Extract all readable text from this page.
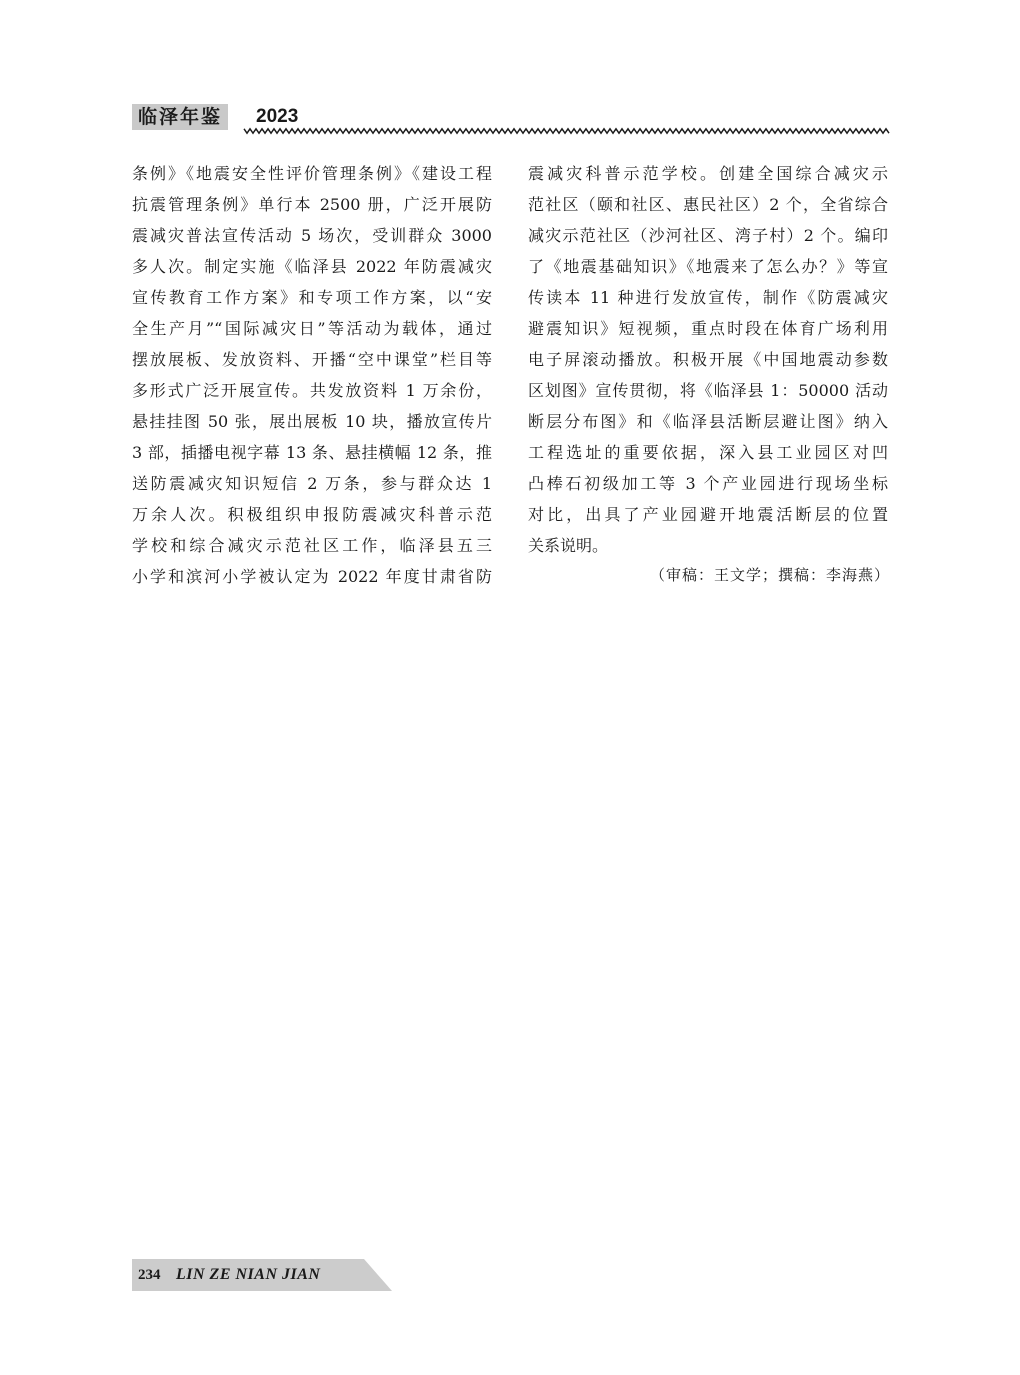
临泽年鉴	2023

条例》《地震安全性评价管理条例》《建设工程
抗震管理条例》单行本 2500 册，广泛开展防
震减灾普法宣传活动 5 场次，受训群众 3000
多人次。制定实施《临泽县 2022 年防震减灾
宣传教育工作方案》和专项工作方案，以“安
全生产月”“国际减灾日”等活动为载体，通过
摆放展板、发放资料、开播“空中课堂”栏目等
多形式广泛开展宣传。共发放资料 1 万余份，
悬挂挂图 50 张，展出展板 10 块，播放宣传片
3 部，插播电视字幕 13 条、悬挂横幅 12 条，推
送防震减灾知识短信 2 万条，参与群众达 1
万余人次。积极组织申报防震减灾科普示范
学校和综合减灾示范社区工作，临泽县五三
小学和滨河小学被认定为 2022 年度甘肃省防

震减灾科普示范学校。创建全国综合减灾示
范社区（颐和社区、惠民社区）2 个，全省综合
减灾示范社区（沙河社区、湾子村）2 个。编印
了《地震基础知识》《地震来了怎么办？》等宣
传读本 11 种进行发放宣传，制作《防震减灾
避震知识》短视频，重点时段在体育广场利用
电子屏滚动播放。积极开展《中国地震动参数
区划图》宣传贯彻，将《临泽县 1：50000 活动
断层分布图》和《临泽县活断层避让图》纳入
工程选址的重要依据，深入县工业园区对凹
凸棒石初级加工等 3 个产业园进行现场坐标
对比，出具了产业园避开地震活断层的位置
关系说明。

（审稿：王文学；撰稿：李海燕）
234 LIN ZE NIAN JIAN
